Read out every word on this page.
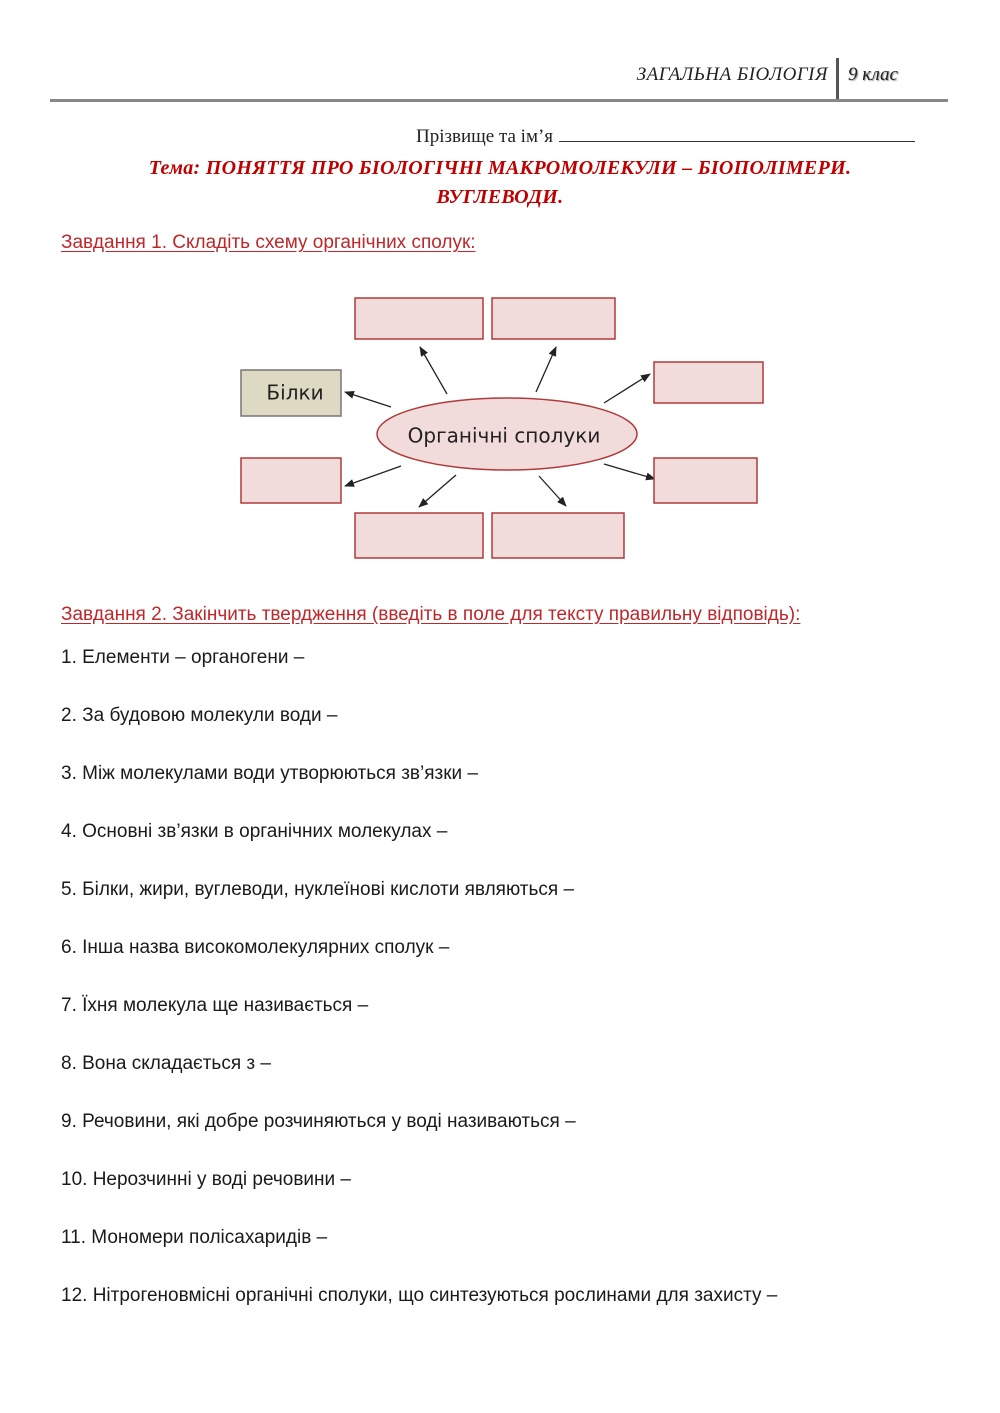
ЗАГАЛЬНА БІОЛОГІЯ 9 клас
Прізвище та ім’я
Тема: ПОНЯТТЯ ПРО БІОЛОГІЧНІ МАКРОМОЛЕКУЛИ – БІОПОЛІМЕРИ.
ВУГЛЕВОДИ.
Завдання 1. Складіть схему органічних сполук:
Органічні сполуки
Білки
Завдання 2. Закінчить твердження (введіть в поле для тексту правильну відповідь):
1. Елементи – органогени –
2. За будовою молекули води –
3. Між молекулами води утворюються зв’язки –
4. Основні зв’язки в органічних молекулах –
5. Білки, жири, вуглеводи, нуклеїнові кислоти являються –
6. Інша назва високомолекулярних сполук –
7. Їхня молекула ще називається –
8. Вона складається з –
9. Речовини, які добре розчиняються у воді називаються –
10. Нерозчинні у воді речовини –
11. Мономери полісахаридів –
12. Нітрогеновмісні органічні сполуки, що синтезуються рослинами для захисту –
